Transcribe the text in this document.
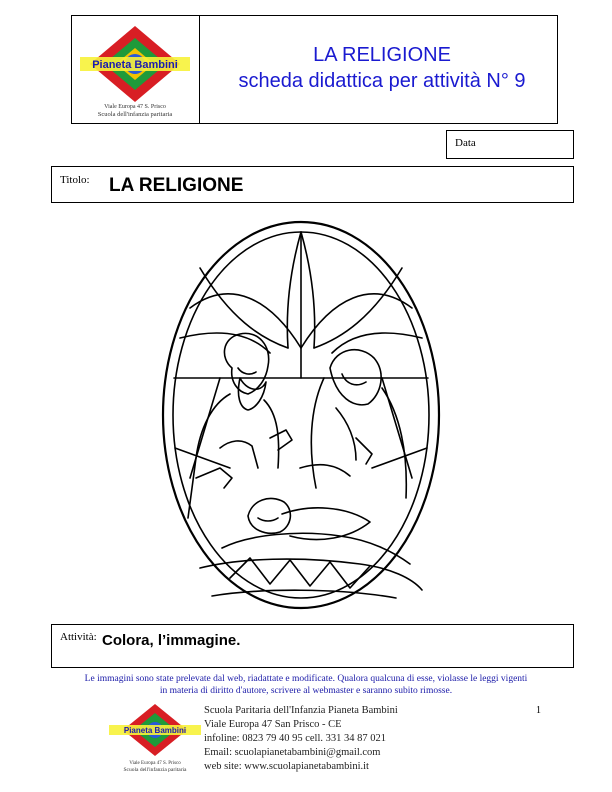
Pianeta Bambini
Viale Europa 47 S. Prisco
Scuola dell'infanzia paritaria
LA RELIGIONE
scheda didattica per attività N° 9
Data
Titolo: LA RELIGIONE
Attività: Colora, l’immagine.
Le immagini sono state prelevate dal web, riadattate e modificate. Qualora qualcuna di esse, violasse le leggi vigenti
in materia di diritto d'autore, scrivere al webmaster e saranno subito rimosse.
Pianeta Bambini
Viale Europa 47 S. Prisco
Scuola dell'infanzia paritaria
Scuola Paritaria dell'Infanzia Pianeta Bambini
Viale Europa 47 San Prisco - CE
infoline: 0823 79 40 95 cell. 331 34 87 021
Email: scuolapianetabambini@gmail.com
web site: www.scuolapianetabambini.it
1
